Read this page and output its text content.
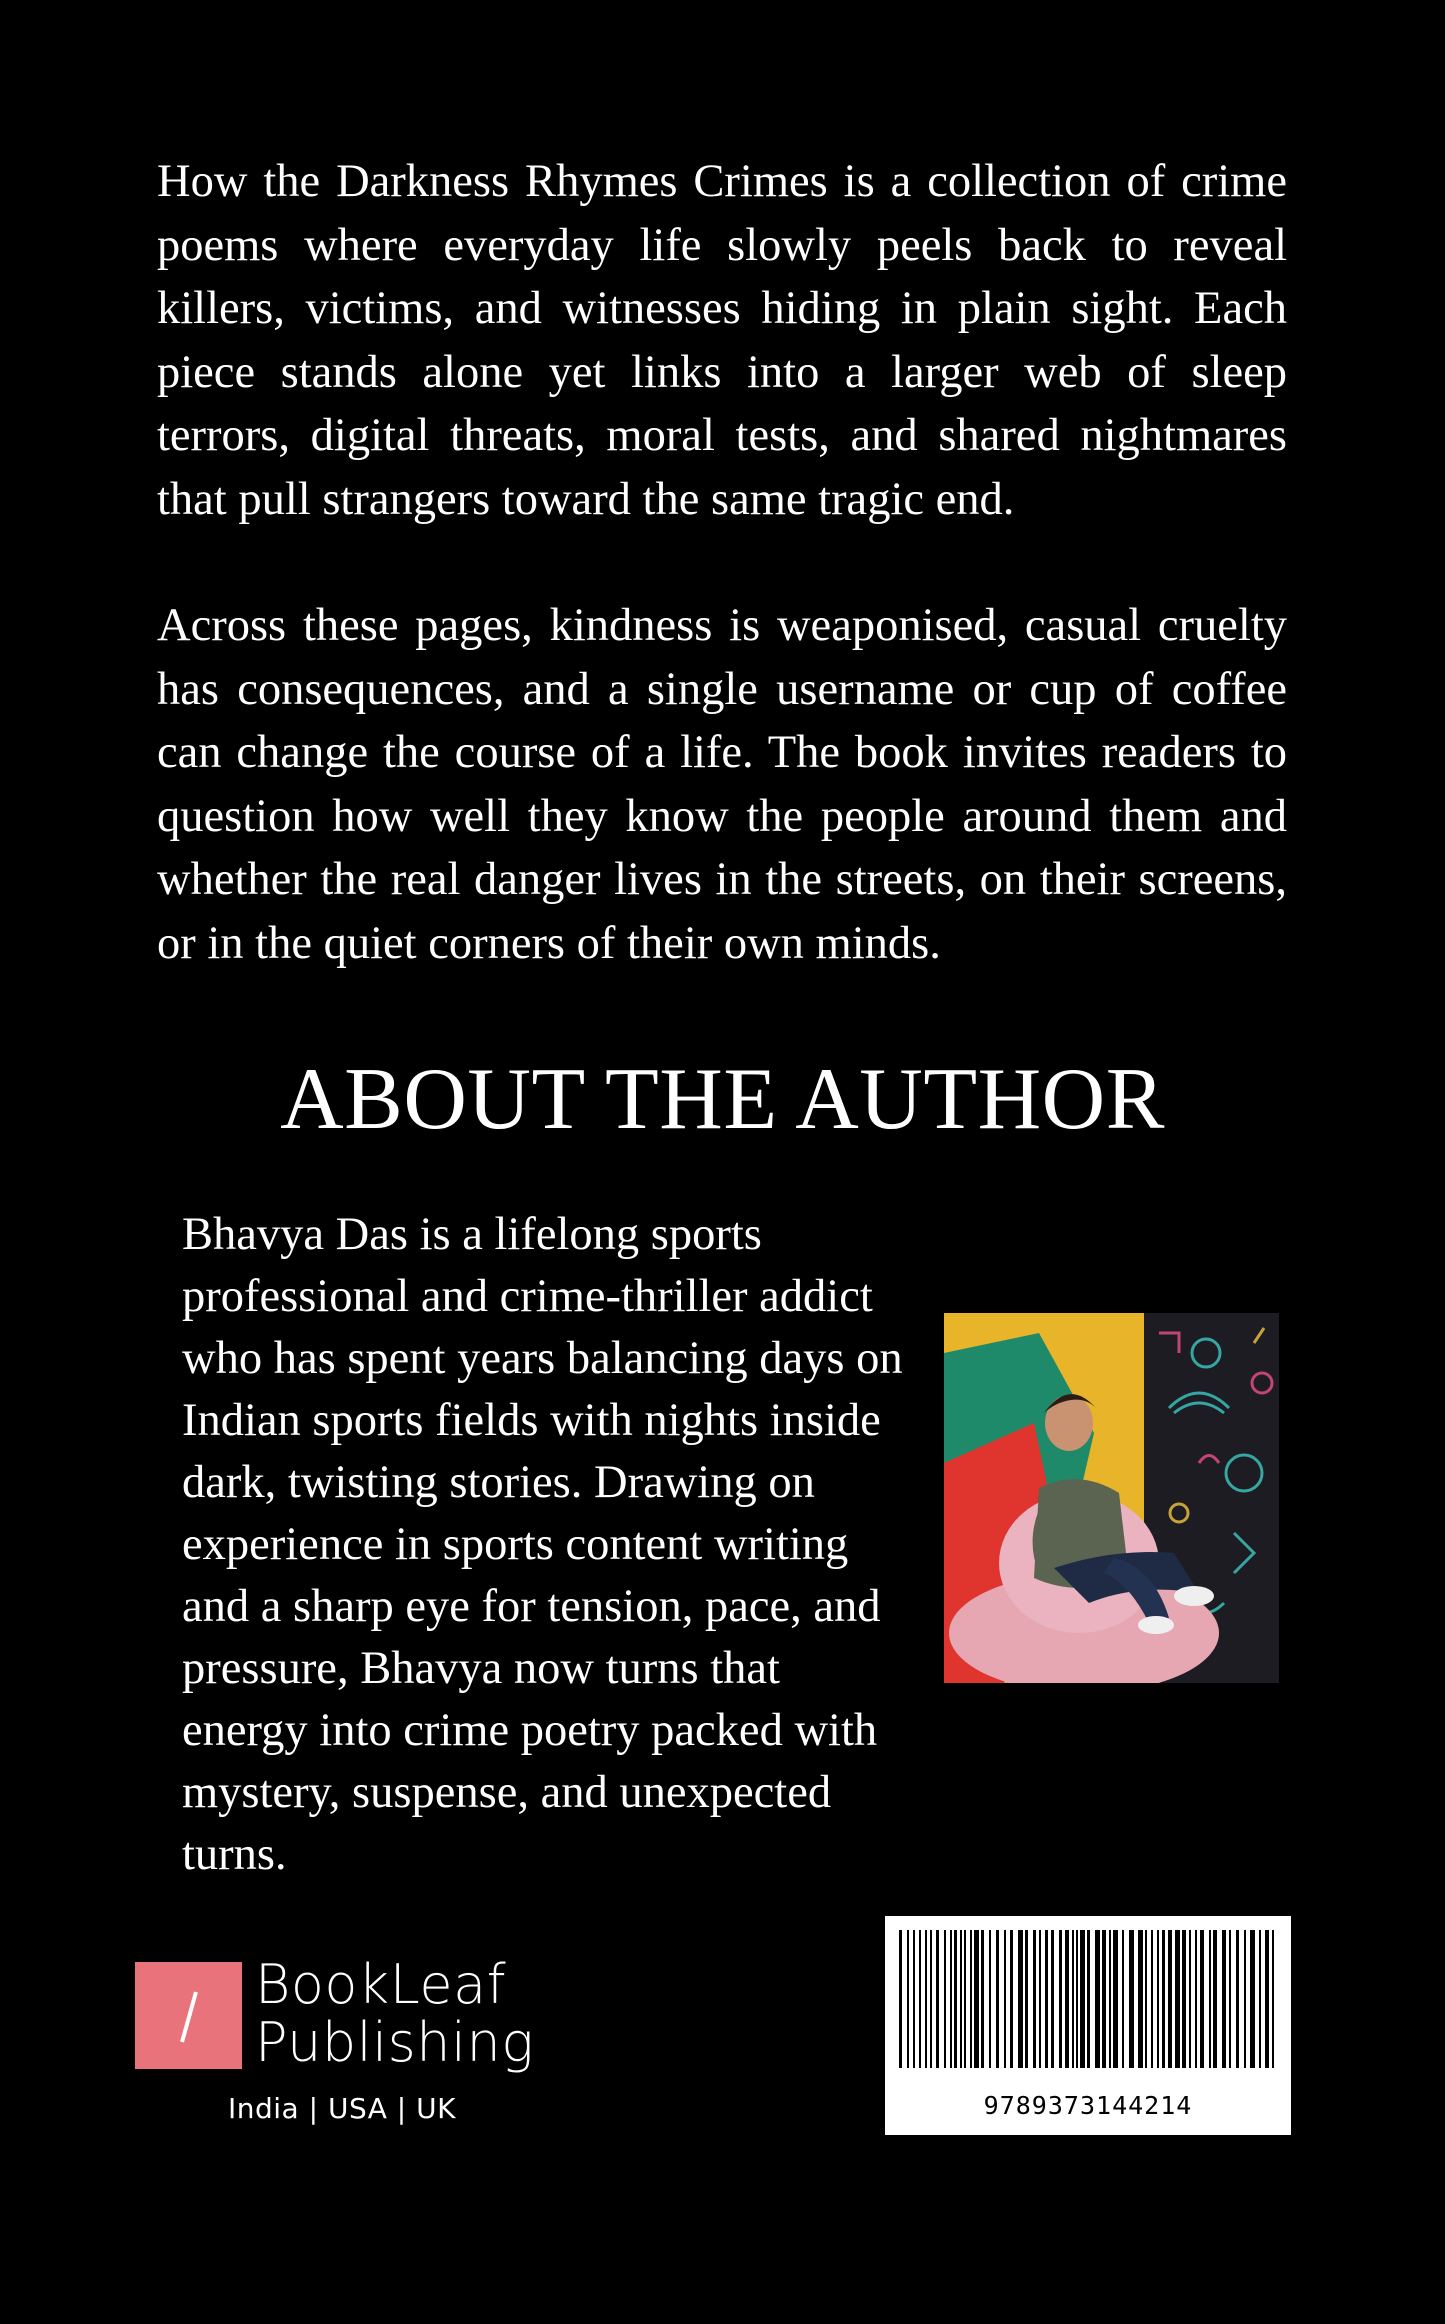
How the Darkness Rhymes Crimes is a collection of crime poems where everyday life slowly peels back to reveal killers, victims, and witnesses hiding in plain sight. Each piece stands alone yet links into a larger web of sleep terrors, digital threats, moral tests, and shared nightmares that pull strangers toward the same tragic end.

Across these pages, kindness is weaponised, casual cruelty has consequences, and a single username or cup of coffee can change the course of a life. The book invites readers to question how well they know the people around them and whether the real danger lives in the streets, on their screens, or in the quiet corners of their own minds.

ABOUT THE AUTHOR

Bhavya Das is a lifelong sports professional and crime-thriller addict who has spent years balancing days on Indian sports fields with nights inside dark, twisting stories. Drawing on experience in sports content writing and a sharp eye for tension, pace, and pressure, Bhavya now turns that energy into crime poetry packed with mystery, suspense, and unexpected turns.

BookLeaf
Publishing
India | USA | UK	9789373144214
